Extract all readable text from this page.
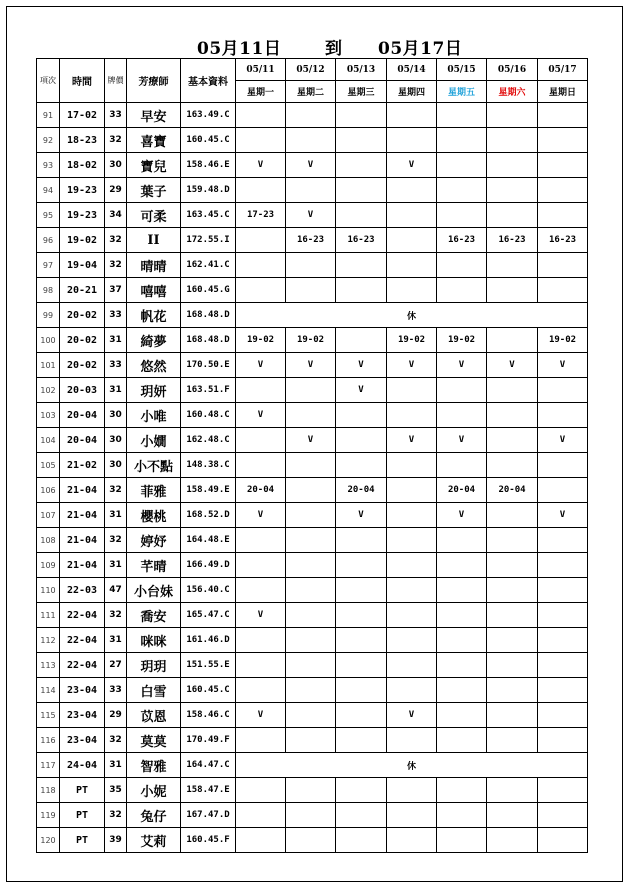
05月11日	到 05月17日
項次	時間	牌價	芳療師	基本資料	05/11	05/12	05/13	05/14	05/15	05/16	05/17
					星期一	星期二	星期三	星期四	星期五	星期六	星期日
91	17-02	33	早安	163.49.C							
92	18-23	32	喜寶	160.45.C							
93	18-02	30	寶兒	158.46.E	V	V		V			
94	19-23	29	葉子	159.48.D							
95	19-23	34	可柔	163.45.C	17-23	V					
96	19-02	32	II	172.55.I		16-23	16-23		16-23	16-23	16-23
97	19-04	32	晴晴	162.41.C							
98	20-21	37	嘻嘻	160.45.G							
99	20-02	33	帆花	168.48.D	休						
100	20-02	31	綺夢	168.48.D	19-02	19-02		19-02	19-02		19-02
101	20-02	33	悠然	170.50.E	V	V	V	V	V	V	V
102	20-03	31	玥妍	163.51.F			V				
103	20-04	30	小唯	160.48.C	V						
104	20-04	30	小嫺	162.48.C		V		V	V		V
105	21-02	30	小不點	148.38.C							
106	21-04	32	菲雅	158.49.E	20-04		20-04		20-04	20-04	
107	21-04	31	櫻桃	168.52.D	V		V		V		V
108	21-04	32	婷妤	164.48.E							
109	21-04	31	芊晴	166.49.D							
110	22-03	47	小台妹	156.40.C							
111	22-04	32	喬安	165.47.C	V						
112	22-04	31	咪咪	161.46.D							
113	22-04	27	玥玥	151.55.E							
114	23-04	33	白雪	160.45.C							
115	23-04	29	苡恩	158.46.C	V			V			
116	23-04	32	莫莫	170.49.F							
117	24-04	31	智雅	164.47.C	休						
118	PT	35	小妮	158.47.E							
119	PT	32	兔仔	167.47.D							
120	PT	39	艾莉	160.45.F							
